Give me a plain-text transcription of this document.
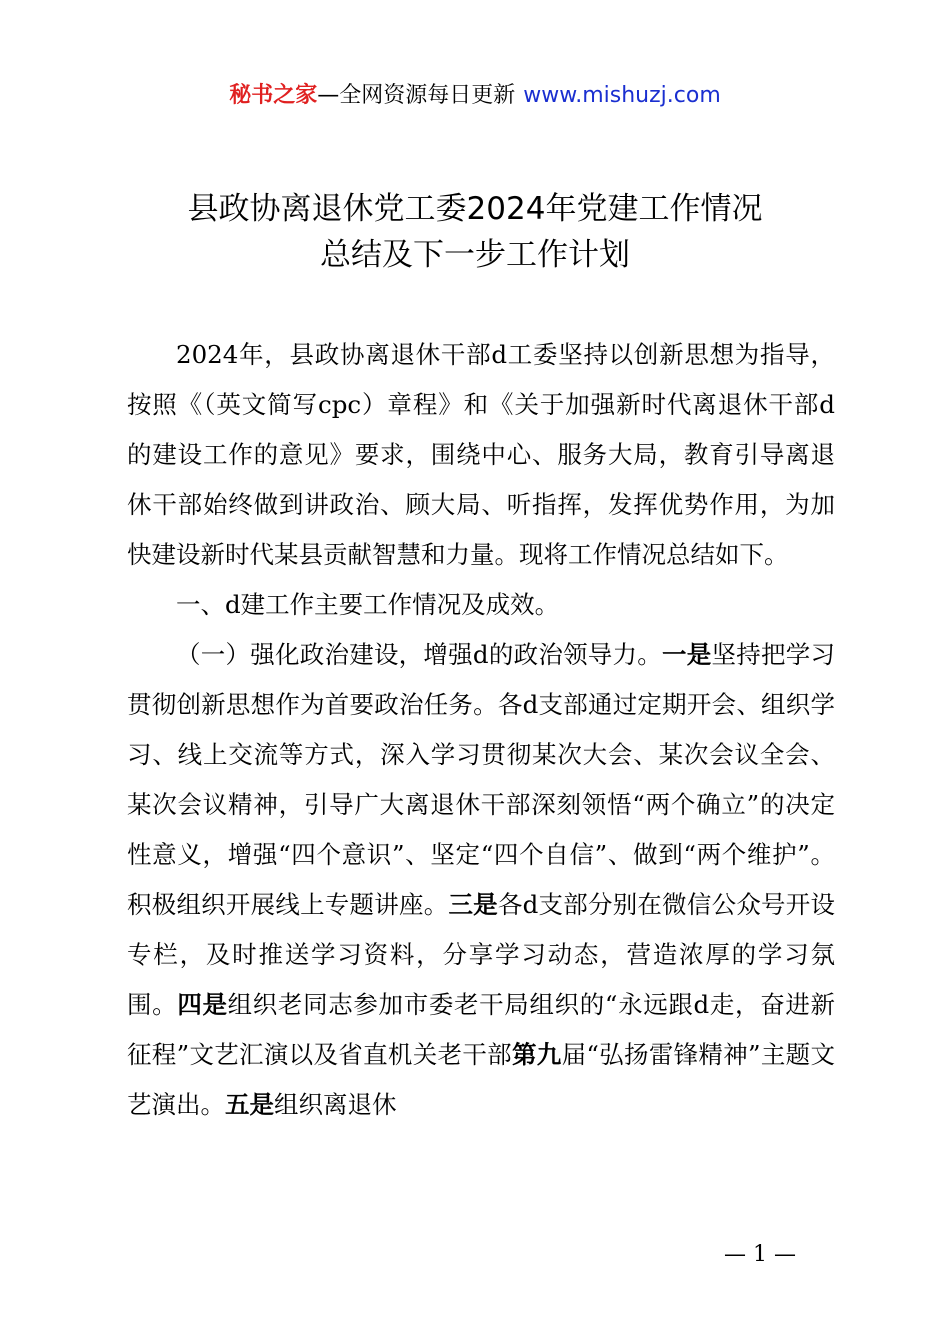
秘书之家—全网资源每日更新 www.mishuzj.com
县政协离退休党工委2024年党建工作情况
总结及下一步工作计划

2024年，县政协离退休干部d工委坚持以创新思想为指导，按照《（英文简写cpc）章程》和《关于加强新时代离退休干部d的建设工作的意见》要求，围绕中心、服务大局，教育引导离退休干部始终做到讲政治、顾大局、听指挥，发挥优势作用，为加快建设新时代某县贡献智慧和力量。现将工作情况总结如下。

一、d建工作主要工作情况及成效。

（一）强化政治建设，增强d的政治领导力。一是坚持把学习贯彻创新思想作为首要政治任务。各d支部通过定期开会、组织学习、线上交流等方式，深入学习贯彻某次大会、某次会议全会、某次会议精神，引导广大离退休干部深刻领悟“两个确立”的决定性意义，增强“四个意识”、坚定“四个自信”、做到“两个维护”。积极组织开展线上专题讲座。三是各d支部分别在微信公众号开设专栏，及时推送学习资料，分享学习动态，营造浓厚的学习氛围。四是组织老同志参加市委老干局组织的“永远跟d走，奋进新征程”文艺汇演以及省直机关老干部第九届“弘扬雷锋精神”主题文艺演出。五是组织离退休

— 1 —
